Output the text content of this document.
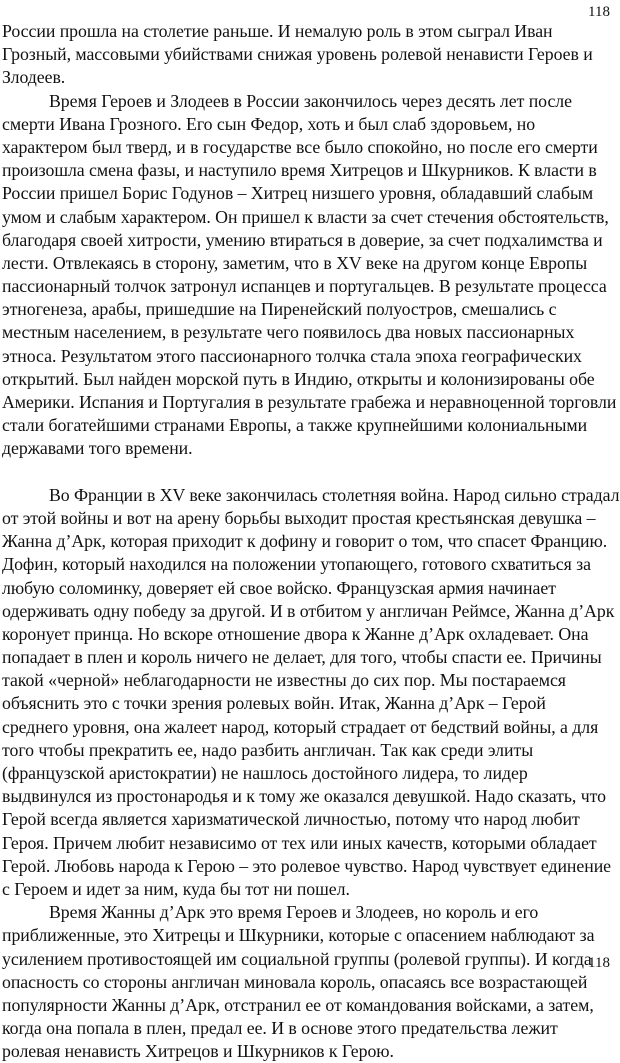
118
России прошла на столетие раньше. И немалую роль в этом сыграл Иван
Грозный, массовыми убийствами снижая уровень ролевой ненависти Героев и
Злодеев.
Время Героев и Злодеев в России закончилось через десять лет после
смерти Ивана Грозного. Его сын Федор, хоть и был слаб здоровьем, но
характером был тверд, и в государстве все было спокойно, но после его смерти
произошла смена фазы, и наступило время Хитрецов и Шкурников. К власти в
России пришел Борис Годунов – Хитрец низшего уровня, обладавший слабым
умом и слабым характером. Он пришел к власти за счет стечения обстоятельств,
благодаря своей хитрости, умению втираться в доверие, за счет подхалимства и
лести. Отвлекаясь в сторону, заметим, что в XV веке на другом конце Европы
пассионарный толчок затронул испанцев и португальцев. В результате процесса
этногенеза, арабы, пришедшие на Пиренейский полуостров, смешались с
местным населением, в результате чего появилось два новых пассионарных
этноса. Результатом этого пассионарного толчка стала эпоха географических
открытий. Был найден морской путь в Индию, открыты и колонизированы обе
Америки. Испания и Португалия в результате грабежа и неравноценной торговли
стали богатейшими странами Европы, а также крупнейшими колониальными
державами того времени.
Во Франции в XV веке закончилась столетняя война. Народ сильно страдал
от этой войны и вот на арену борьбы выходит простая крестьянская девушка –
Жанна д’Арк, которая приходит к дофину и говорит о том, что спасет Францию.
Дофин, который находился на положении утопающего, готового схватиться за
любую соломинку, доверяет ей свое войско. Французская армия начинает
одерживать одну победу за другой. И в отбитом у англичан Реймсе, Жанна д’Арк
коронует принца. Но вскоре отношение двора к Жанне д’Арк охладевает. Она
попадает в плен и король ничего не делает, для того, чтобы спасти ее. Причины
такой «черной» неблагодарности не известны до сих пор. Мы постараемся
объяснить это с точки зрения ролевых войн. Итак, Жанна д’Арк – Герой
среднего уровня, она жалеет народ, который страдает от бедствий войны, а для
того чтобы прекратить ее, надо разбить англичан. Так как среди элиты
(французской аристократии) не нашлось достойного лидера, то лидер
выдвинулся из простонародья и к тому же оказался девушкой. Надо сказать, что
Герой всегда является харизматической личностью, потому что народ любит
Героя. Причем любит независимо от тех или иных качеств, которыми обладает
Герой. Любовь народа к Герою – это ролевое чувство. Народ чувствует единение
с Героем и идет за ним, куда бы тот ни пошел.
Время Жанны д’Арк это время Героев и Злодеев, но король и его
приближенные, это Хитрецы и Шкурники, которые с опасением наблюдают за
усилением противостоящей им социальной группы (ролевой группы). И когда
опасность со стороны англичан миновала король, опасаясь все возрастающей
популярности Жанны д’Арк, отстранил ее от командования войсками, а затем,
когда она попала в плен, предал ее. И в основе этого предательства лежит
ролевая ненависть Хитрецов и Шкурников к Герою.
118
